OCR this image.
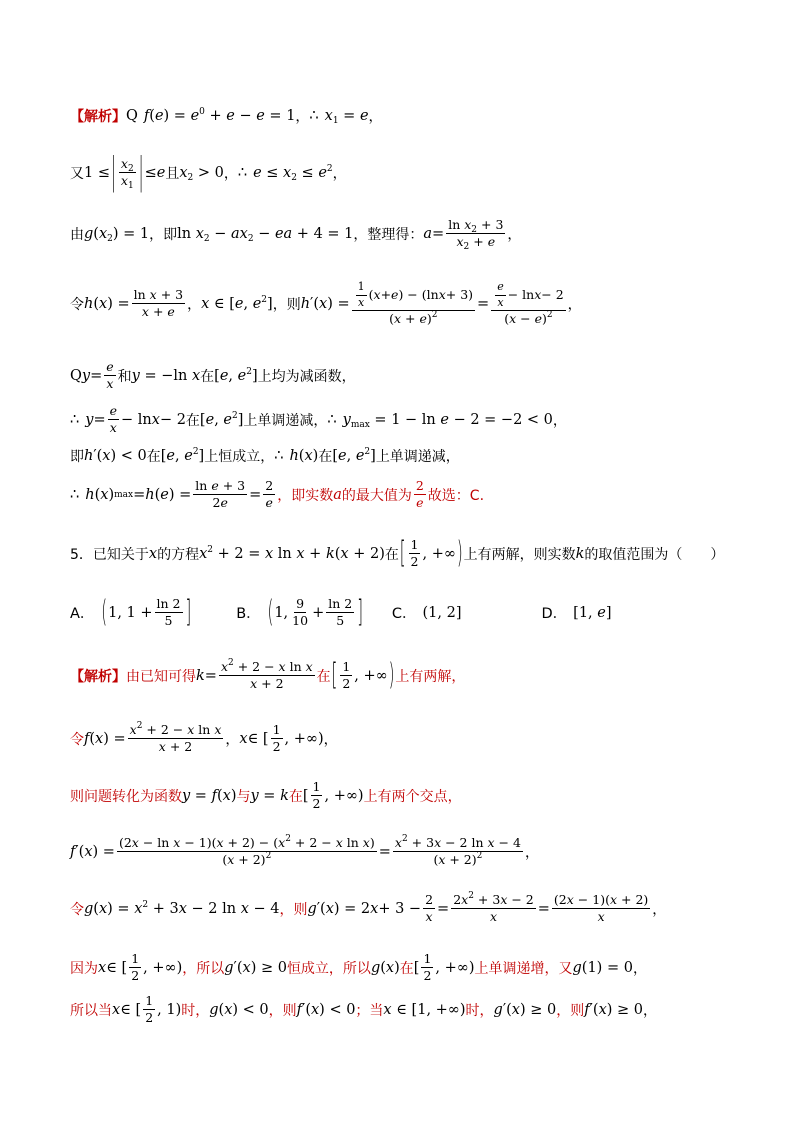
【解析】 Q $f(e) = e^0 + e - e = 1$ ， ∴ $x_1 = e$ ，
又 1 ≤ | $\frac{x_2}{x_1}$ | ≤ e 且 $x_2 > 0$ ， ∴ $e \le x_2 \le e^2$ ，
由 $g(x_2) = 1$ ，即 $\ln x_2 - ax_2$ − ea + 4 = 1 ，整理得： $a = \frac{\ln x_2 + 3}{x_2 + e}$ ，
令 h ( x ) = $\frac{\text{ln x + 3}}{x + e}$ ， x ∈ [e, $e^2$] ，则 h ′( x ) = $\frac{\frac{1}{x} ( x + e ) - (\ln x + 3)}{(x + e)^2} = \frac{\frac{e}{x} - \ln x - 2}{(x - e)^2}$ ，
Q $y = \frac{e}{x}$ 和 y = −ln x 在 [e, $e^2$] 上均为减函数，
∴ $y = \frac{e}{x} - \ln x - 2$ 在 [e, $e^2$] 上单调递减， ∴ $y_{max} = 1 - \ln e - 2 = -2 < 0$ ，
即 h′(x) < 0 在 [e, $e^2$] 上恒成立， ∴ h(x) 在 [e, $e^2$] 上单调递减，
∴ h ( x ) max = h ( e ) = $\frac{\text{ln e + 3}}{2e} = \frac{2}{e}$ ，即实数 a 的最大值为 $\frac{2}{e}$ 故选：C.
5．已知关于 x 的方程 $x^2 + 2 = x$ ln x + k(x + 2) 在 [ $\frac{1}{2}$ , +∞ ) 上有两解，则实数 k 的取值范围为（　　）
A． ( 1, $1 + \frac{\ln 2}{5}$ ]	B． ( 1, $\frac{9}{10} + \frac{\ln 2}{5}$ ] C． (1, 2]	D． [1, e]
【解析】 由已知可得 $k = \frac{x^2 + 2 - x \ln x}{x + 2}$ 在 [ $\frac{1}{2}$ , +∞ ) 上有两解，
令 f ( x ) = $\frac{x^2 + 2 - x \ln x}{x + 2}$ ， x ∈ [ $\frac{1}{2}$ , +∞) ，
则问题转化为函数 y = f(x) 与 y = k 在 [ $\frac{1}{2}$ , +∞) 上有两个交点，
f ′( x ) = $\frac{(2x - \ln x - 1)(x + 2) - (x^2 + 2 - x \ln x)}{(x + 2)^2} = \frac{x^2 + 3x - 2 \ln x - 4}{(x + 2)^2}$ ，
令 $g(x) = x^2 + 3x - 2$ ln x − 4 ，则 g ′( x ) = 2 $x + 3 - \frac{2}{x} = \frac{2x^2 + 3x - 2}{x} = \frac{(2x - 1)(x + 2)}{x}$ ，
因为 x ∈ [ $\frac{1}{2}$ , +∞) ，所以 g′(x) ≥ 0 恒成立，所以 g(x) 在 [ $\frac{1}{2}$ , +∞) 上单调递增，又 g(1) = 0 ，
所以当 x ∈ [ $\frac{1}{2}$ , 1) 时， g(x) < 0 ，则 f′(x) < 0 ；当 x ∈ [1, +∞) 时， g′(x) ≥ 0 ，则 f′(x) ≥ 0 ，
